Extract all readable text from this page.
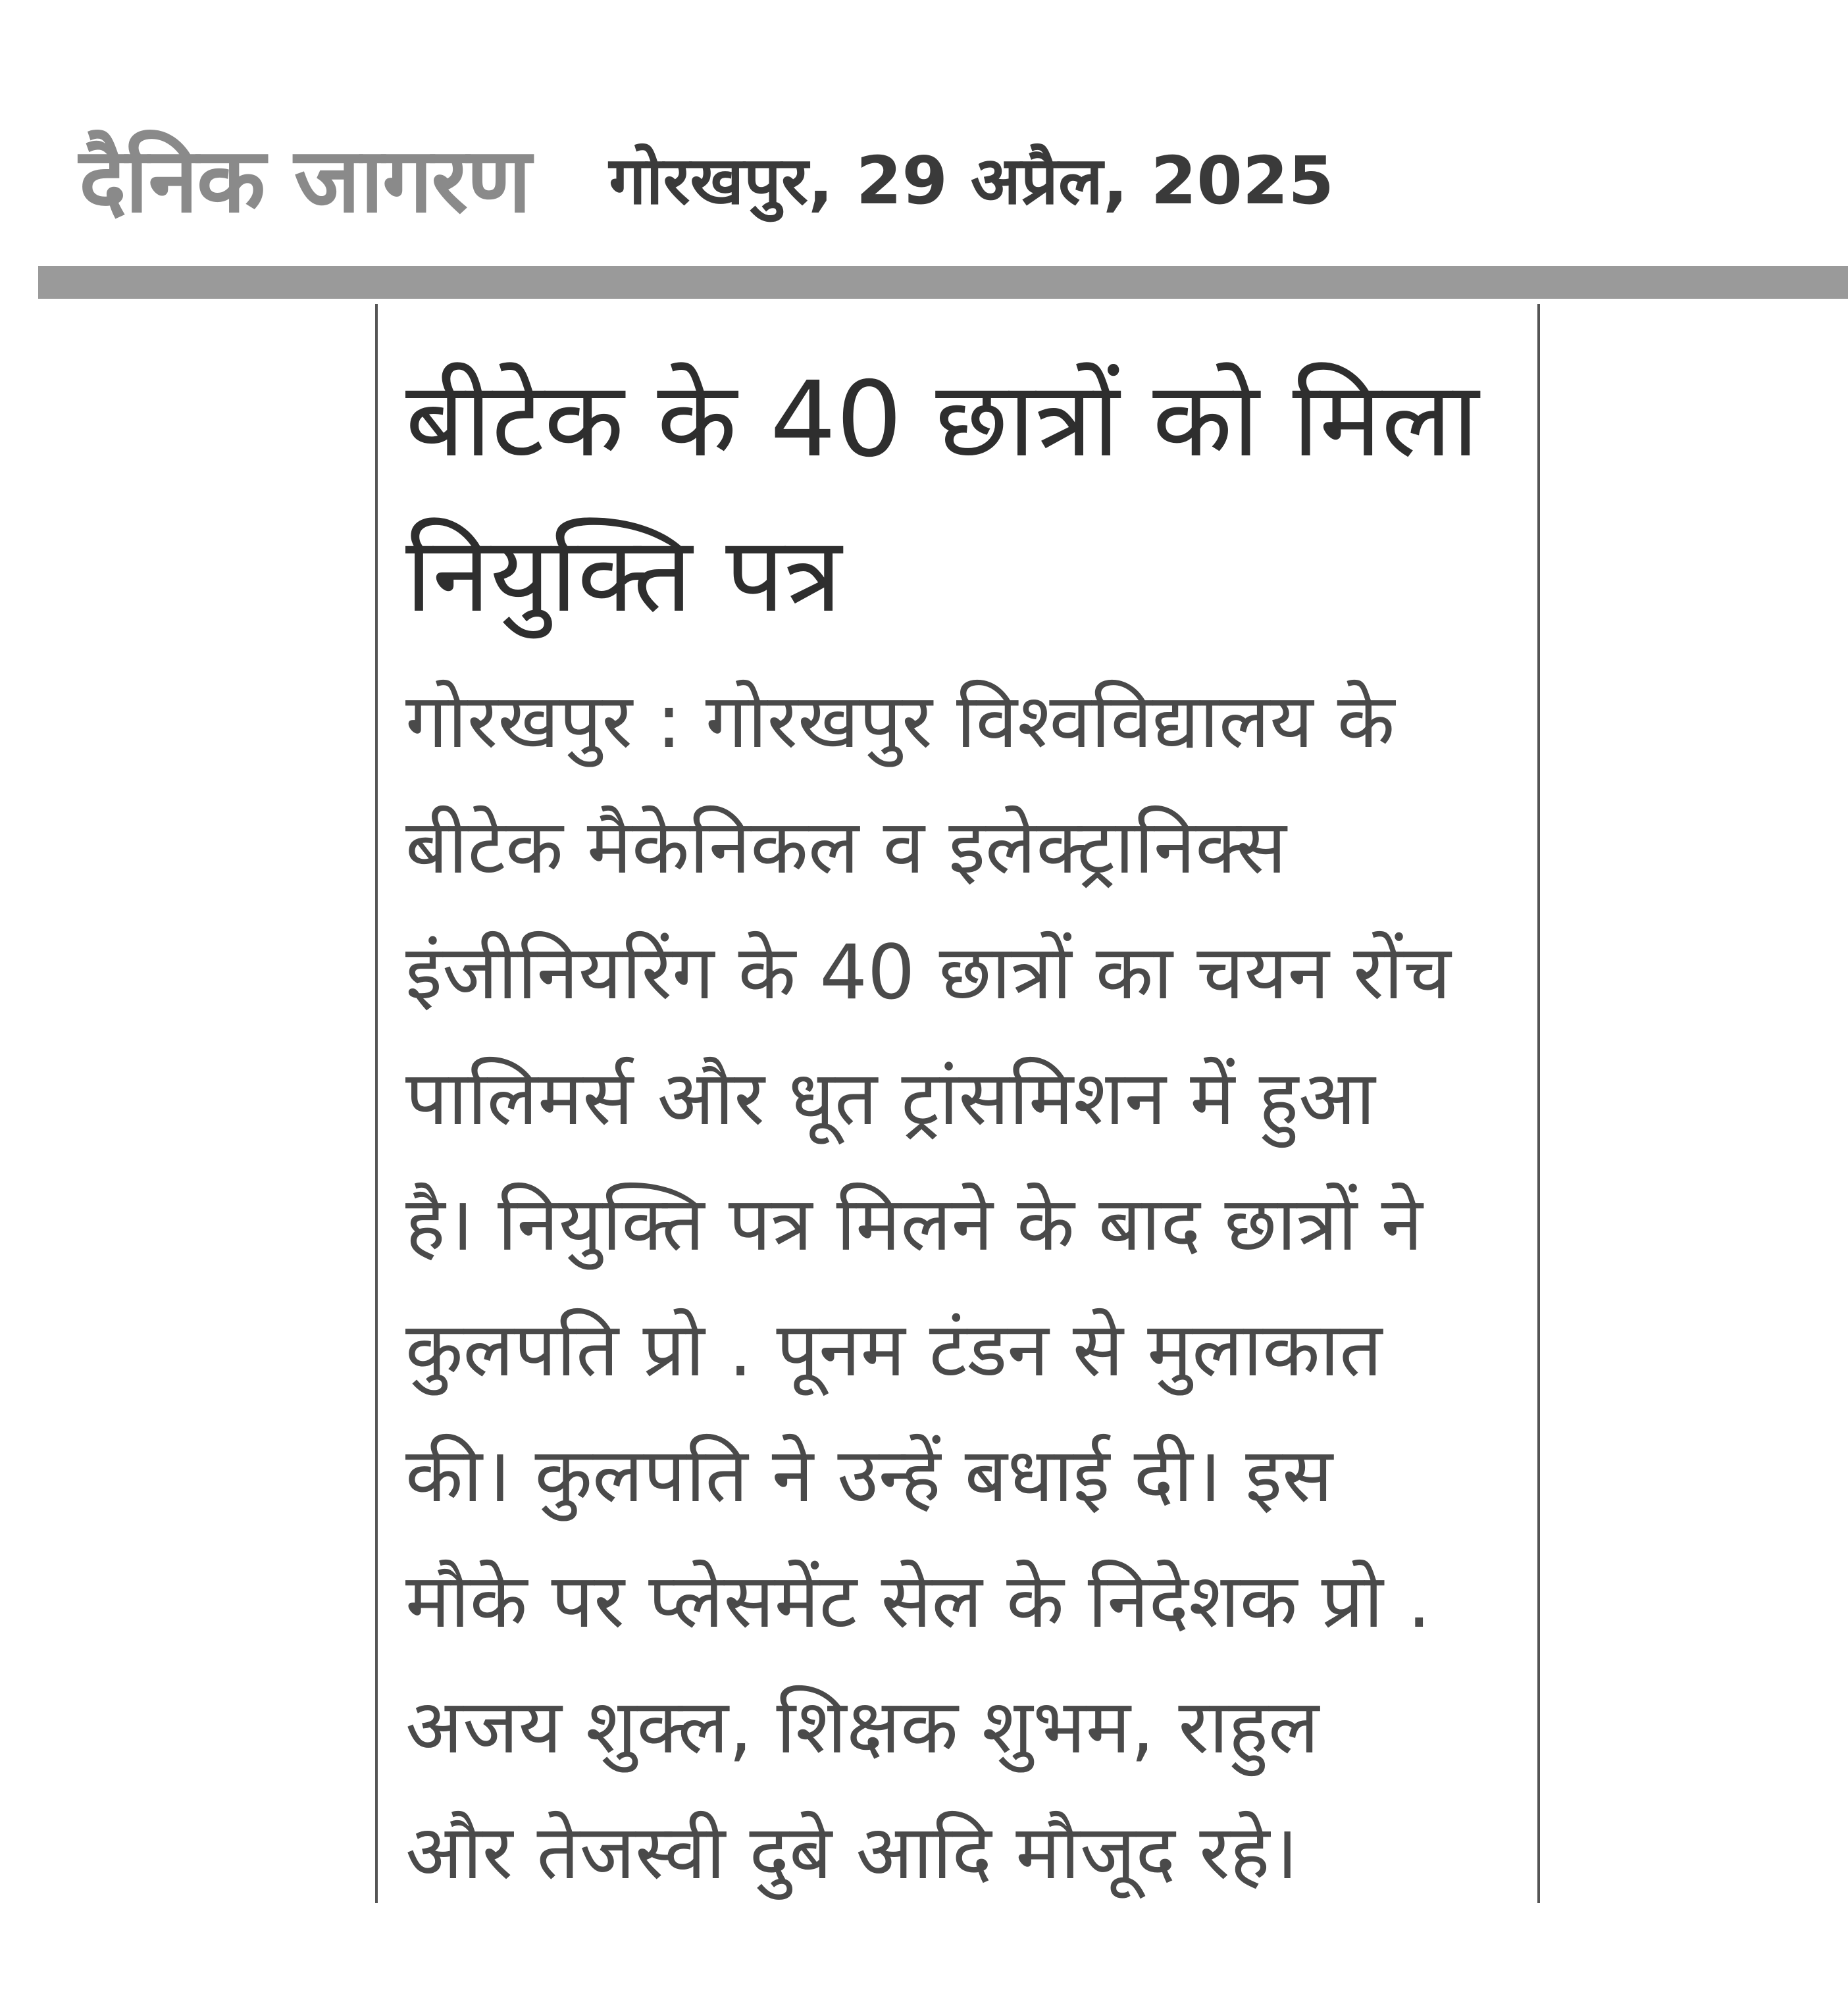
दैनिक जागरण गोरखपुर, 29 अप्रैल, 2025
बीटेक के 40 छात्रों को मिला
नियुक्ति पत्र
गोरखपुर : गोरखपुर विश्वविद्यालय के
बीटेक मैकेनिकल व इलेक्ट्रानिक्स
इंजीनियरिंग के 40 छात्रों का चयन रोंच
पालिमर्स और धूत ट्रांसमिशन में हुआ
है। नियुक्ति पत्र मिलने के बाद छात्रों ने
कुलपति प्रो . पूनम टंडन से मुलाकात
की। कुलपति ने उन्हें बधाई दी। इस
मौके पर प्लेसमेंट सेल के निदेशक प्रो .
अजय शुक्ल, शिक्षक शुभम, राहुल
और तेजस्वी दुबे आदि मौजूद रहे।
